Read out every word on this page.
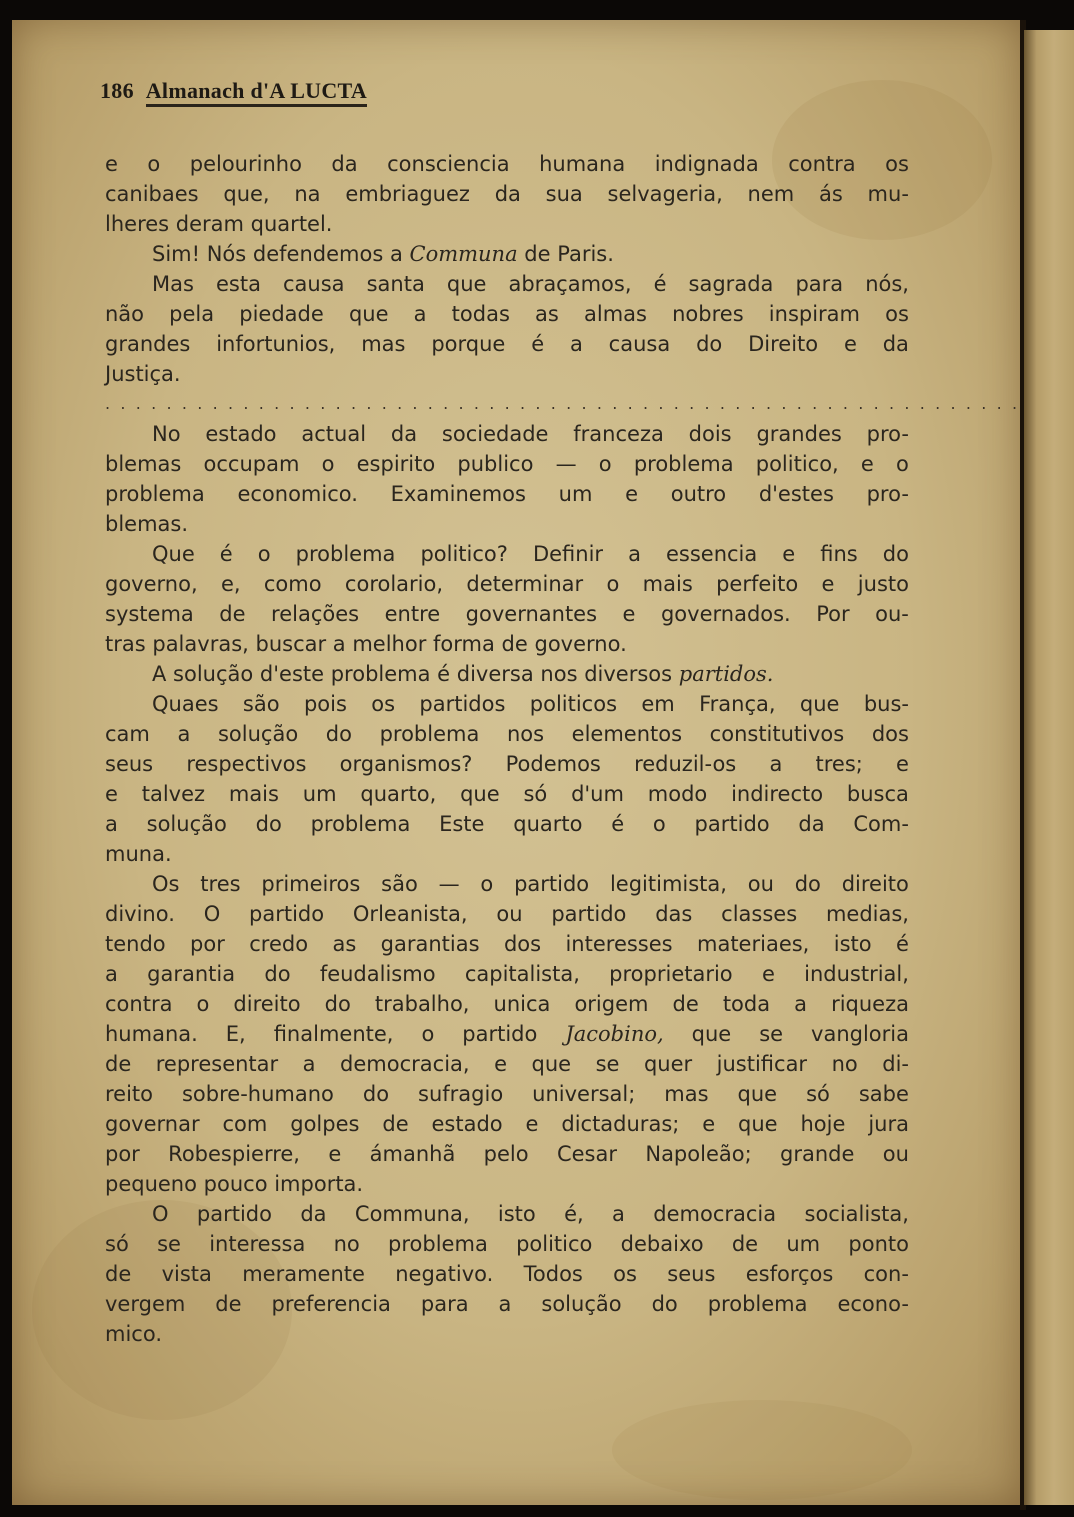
186 Almanach d'A LUCTA
e o pelourinho da consciencia humana indignada contra os
canibaes que, na embriaguez da sua selvageria, nem ás mu-
lheres deram quartel.
Sim! Nós defendemos a Communa de Paris.
Mas esta causa santa que abraçamos, é sagrada para nós,
não pela piedade que a todas as almas nobres inspiram os
grandes infortunios, mas porque é a causa do Direito e da
Justiça.
. . . . . . . . . . . . . . . . . . . . . . . . . . . . . . . . . . . . . . . . . . . . . . . . . . . . . . . . . . . .
No estado actual da sociedade franceza dois grandes pro-
blemas occupam o espirito publico — o problema politico, e o
problema economico. Examinemos um e outro d'estes pro-
blemas.
Que é o problema politico? Definir a essencia e fins do
governo, e, como corolario, determinar o mais perfeito e justo
systema de relações entre governantes e governados. Por ou-
tras palavras, buscar a melhor forma de governo.
A solução d'este problema é diversa nos diversos partidos.
Quaes são pois os partidos politicos em França, que bus-
cam a solução do problema nos elementos constitutivos dos
seus respectivos organismos? Podemos reduzil-os a tres; e
e talvez mais um quarto, que só d'um modo indirecto busca
a solução do problema Este quarto é o partido da Com-
muna.
Os tres primeiros são — o partido legitimista, ou do direito
divino. O partido Orleanista, ou partido das classes medias,
tendo por credo as garantias dos interesses materiaes, isto é
a garantia do feudalismo capitalista, proprietario e industrial,
contra o direito do trabalho, unica origem de toda a riqueza
humana. E, finalmente, o partido Jacobino, que se vangloria
de representar a democracia, e que se quer justificar no di-
reito sobre-humano do sufragio universal; mas que só sabe
governar com golpes de estado e dictaduras; e que hoje jura
por Robespierre, e ámanhã pelo Cesar Napoleão; grande ou
pequeno pouco importa.
O partido da Communa, isto é, a democracia socialista,
só se interessa no problema politico debaixo de um ponto
de vista meramente negativo. Todos os seus esforços con-
vergem de preferencia para a solução do problema econo-
mico.
